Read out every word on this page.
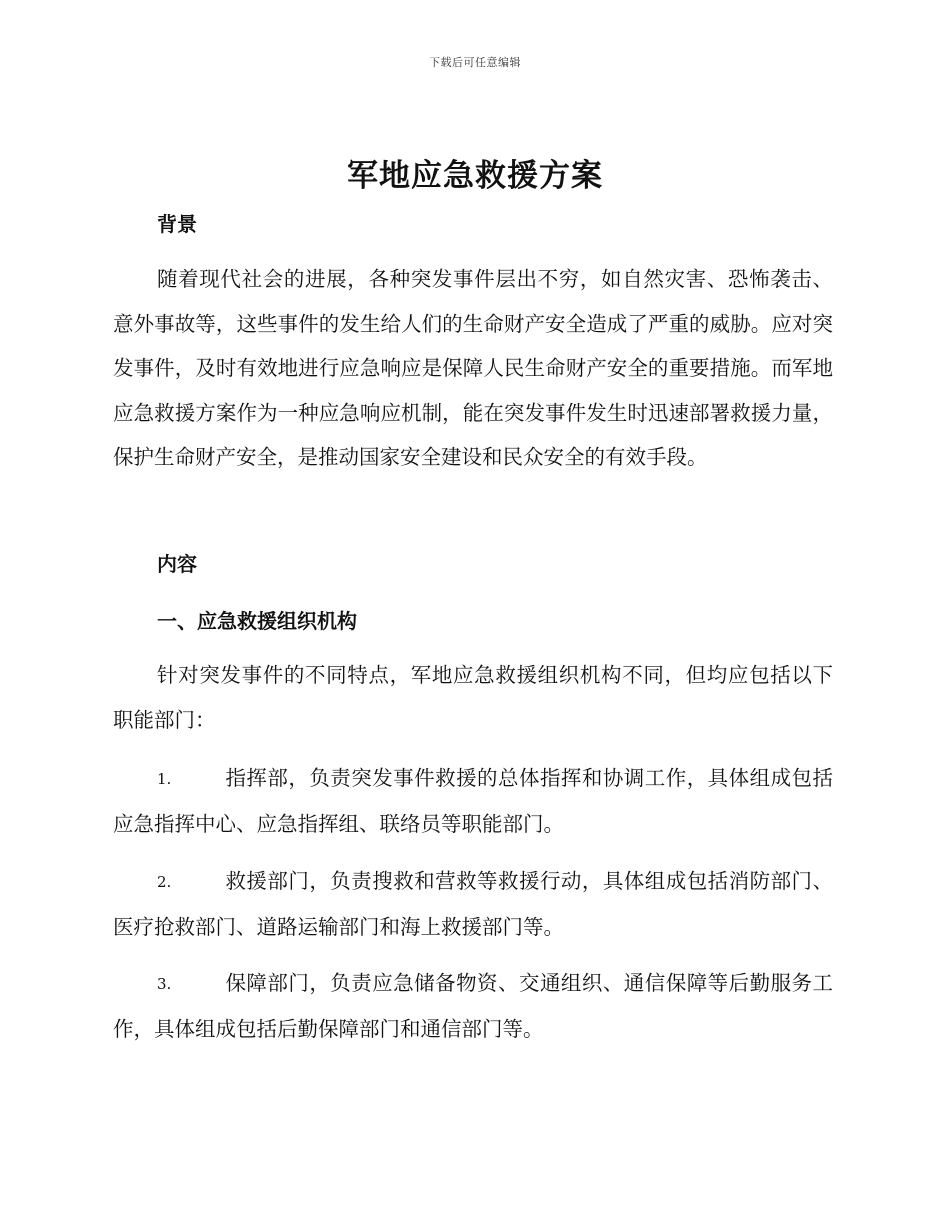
下载后可任意编辑
军地应急救援方案
背景

随着现代社会的进展，各种突发事件层出不穷，如自然灾害、恐怖袭击、意外事故等，这些事件的发生给人们的生命财产安全造成了严重的威胁。应对突发事件，及时有效地进行应急响应是保障人民生命财产安全的重要措施。而军地应急救援方案作为一种应急响应机制，能在突发事件发生时迅速部署救援力量，保护生命财产安全，是推动国家安全建设和民众安全的有效手段。

内容
一、应急救援组织机构

针对突发事件的不同特点，军地应急救援组织机构不同，但均应包括以下职能部门：

1.	指挥部，负责突发事件救援的总体指挥和协调工作，具体组成包括应急指挥中心、应急指挥组、联络员等职能部门。

2.	救援部门，负责搜救和营救等救援行动，具体组成包括消防部门、医疗抢救部门、道路运输部门和海上救援部门等。

3.	保障部门，负责应急储备物资、交通组织、通信保障等后勤服务工作，具体组成包括后勤保障部门和通信部门等。
